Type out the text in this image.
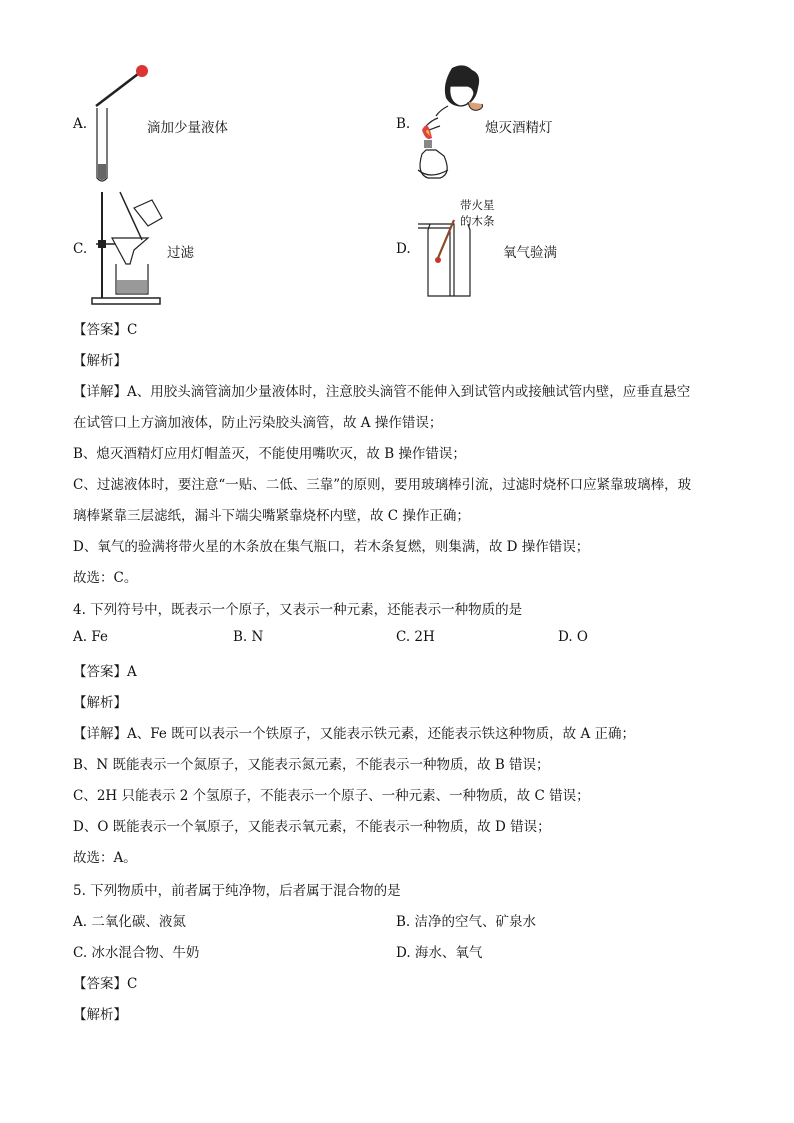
A.	滴加少量液体	B.	熄灭酒精灯
C.	过滤	D.
带火星
的木条
氧气验满
【答案】C
【解析】
【详解】A、用胶头滴管滴加少量液体时，注意胶头滴管不能伸入到试管内或接触试管内壁，应垂直悬空
在试管口上方滴加液体，防止污染胶头滴管，故 A 操作错误；
B、熄灭酒精灯应用灯帽盖灭，不能使用嘴吹灭，故 B 操作错误；
C、过滤液体时，要注意“一贴、二低、三靠”的原则，要用玻璃棒引流，过滤时烧杯口应紧靠玻璃棒，玻
璃棒紧靠三层滤纸，漏斗下端尖嘴紧靠烧杯内壁，故 C 操作正确；
D、氧气的验满将带火星的木条放在集气瓶口，若木条复燃，则集满，故 D 操作错误；
故选：C。
4. 下列符号中，既表示一个原子，又表示一种元素，还能表示一种物质的是
A. Fe	B. N	C. 2H	D. O
【答案】A
【解析】
【详解】A、Fe 既可以表示一个铁原子，又能表示铁元素，还能表示铁这种物质，故 A 正确；
B、N 既能表示一个氮原子，又能表示氮元素，不能表示一种物质，故 B 错误；
C、2H 只能表示 2 个氢原子，不能表示一个原子、一种元素、一种物质，故 C 错误；
D、O 既能表示一个氧原子，又能表示氧元素，不能表示一种物质，故 D 错误；
故选：A。
5. 下列物质中，前者属于纯净物，后者属于混合物的是
A. 二氧化碳、液氮	B. 洁净的空气、矿泉水
C. 冰水混合物、牛奶	D. 海水、氧气
【答案】C
【解析】
